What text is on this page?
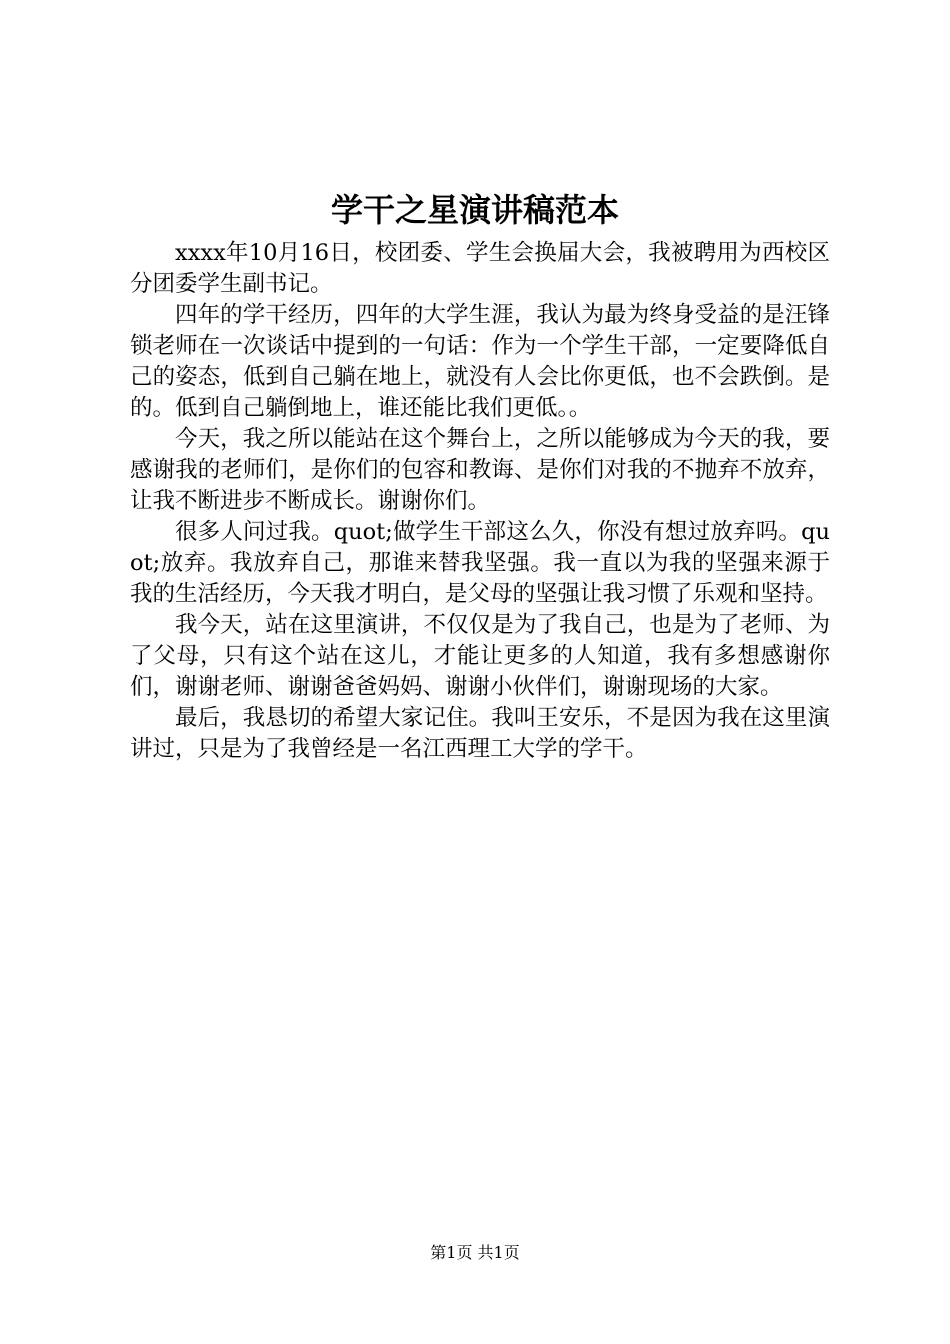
学干之星演讲稿范本

xxxx年10月16日，校团委、学生会换届大会，我被聘用为西校区分团委学生副书记。

四年的学干经历，四年的大学生涯，我认为最为终身受益的是汪锋锁老师在一次谈话中提到的一句话：作为一个学生干部，一定要降低自己的姿态，低到自己躺在地上，就没有人会比你更低，也不会跌倒。是的。低到自己躺倒地上，谁还能比我们更低。。

今天，我之所以能站在这个舞台上，之所以能够成为今天的我，要感谢我的老师们，是你们的包容和教诲、是你们对我的不抛弃不放弃，让我不断进步不断成长。谢谢你们。

很多人问过我。quot;做学生干部这么久，你没有想过放弃吗。quot;放弃。我放弃自己，那谁来替我坚强。我一直以为我的坚强来源于我的生活经历，今天我才明白，是父母的坚强让我习惯了乐观和坚持。

我今天，站在这里演讲，不仅仅是为了我自己，也是为了老师、为了父母，只有这个站在这儿，才能让更多的人知道，我有多想感谢你们，谢谢老师、谢谢爸爸妈妈、谢谢小伙伴们，谢谢现场的大家。

最后，我恳切的希望大家记住。我叫王安乐，不是因为我在这里演讲过，只是为了我曾经是一名江西理工大学的学干。

第1页 共1页
